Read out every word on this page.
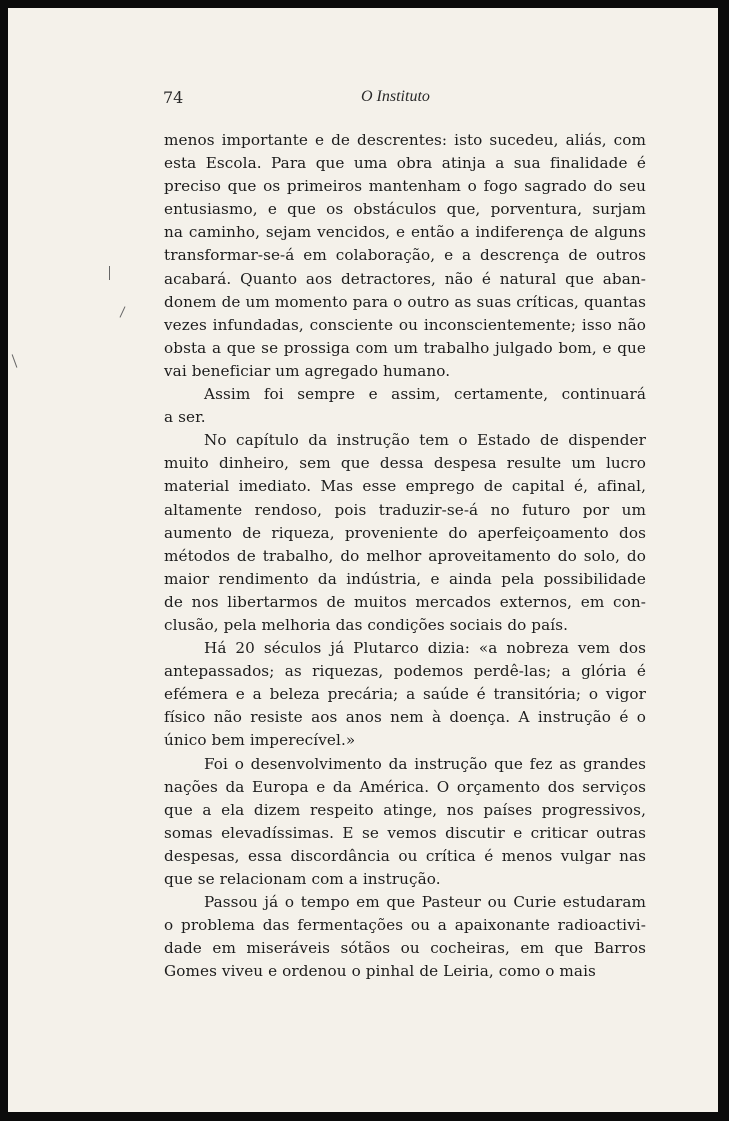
74	O Instituto
menos importante e de descrentes: isto sucedeu, aliás, com
esta Escola. Para que uma obra atinja a sua finalidade é
preciso que os primeiros mantenham o fogo sagrado do seu
entusiasmo, e que os obstáculos que, porventura, surjam
na caminho, sejam vencidos, e então a indiferença de alguns
transformar-se-á em colaboração, e a descrença de outros
acabará. Quanto aos detractores, não é natural que aban-
donem de um momento para o outro as suas críticas, quantas
vezes infundadas, consciente ou inconscientemente; isso não
obsta a que se prossiga com um trabalho julgado bom, e que
vai beneficiar um agregado humano.
Assim foi sempre e assim, certamente, continuará
a ser.
No capítulo da instrução tem o Estado de dispender
muito dinheiro, sem que dessa despesa resulte um lucro
material imediato. Mas esse emprego de capital é, afinal,
altamente rendoso, pois traduzir-se-á no futuro por um
aumento de riqueza, proveniente do aperfeiçoamento dos
métodos de trabalho, do melhor aproveitamento do solo, do
maior rendimento da indústria, e ainda pela possibilidade
de nos libertarmos de muitos mercados externos, em con-
clusão, pela melhoria das condições sociais do país.
Há 20 séculos já Plutarco dizia: «a nobreza vem dos
antepassados; as riquezas, podemos perdê-las; a glória é
efémera e a beleza precária; a saúde é transitória; o vigor
físico não resiste aos anos nem à doença. A instrução é o
único bem imperecível.»
Foi o desenvolvimento da instrução que fez as grandes
nações da Europa e da América. O orçamento dos serviços
que a ela dizem respeito atinge, nos países progressivos,
somas elevadíssimas. E se vemos discutir e criticar outras
despesas, essa discordância ou crítica é menos vulgar nas
que se relacionam com a instrução.
Passou já o tempo em que Pasteur ou Curie estudaram
o problema das fermentações ou a apaixonante radioactivi-
dade em miseráveis sótãos ou cocheiras, em que Barros
Gomes viveu e ordenou o pinhal de Leiria, como o mais
